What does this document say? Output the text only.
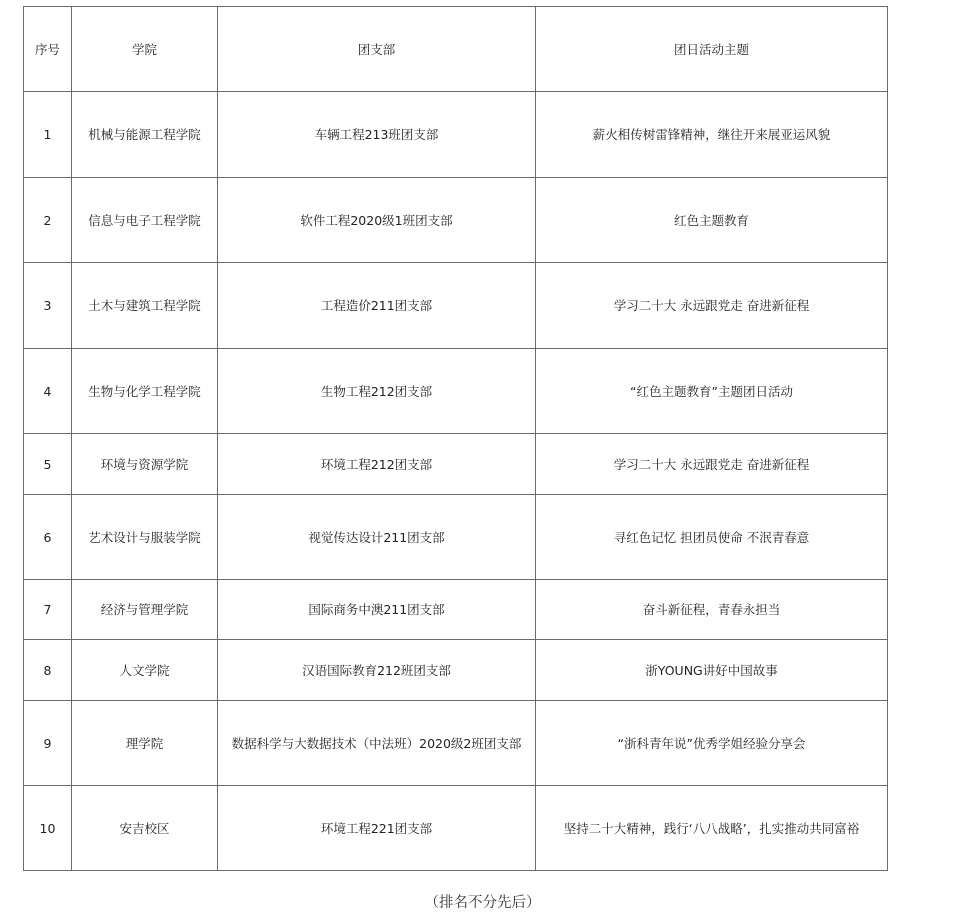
序号	学院	团支部	团日活动主题
1	机械与能源工程学院	车辆工程213班团支部	薪火相传树雷锋精神，继往开来展亚运风貌
2	信息与电子工程学院	软件工程2020级1班团支部	红色主题教育
3	土木与建筑工程学院	工程造价211团支部	学习二十大 永远跟党走 奋进新征程
4	生物与化学工程学院	生物工程212团支部	“红色主题教育”主题团日活动
5	环境与资源学院	环境工程212团支部	学习二十大 永远跟党走 奋进新征程
6	艺术设计与服装学院	视觉传达设计211团支部	寻红色记忆 担团员使命 不泯青春意
7	经济与管理学院	国际商务中澳211团支部	奋斗新征程，青春永担当
8	人文学院	汉语国际教育212班团支部	浙YOUNG讲好中国故事
9	理学院	数据科学与大数据技术（中法班）2020级2班团支部	“浙科青年说”优秀学姐经验分享会
10	安吉校区	环境工程221团支部	坚持二十大精神，践行‘八八战略’，扎实推动共同富裕
（排名不分先后）
